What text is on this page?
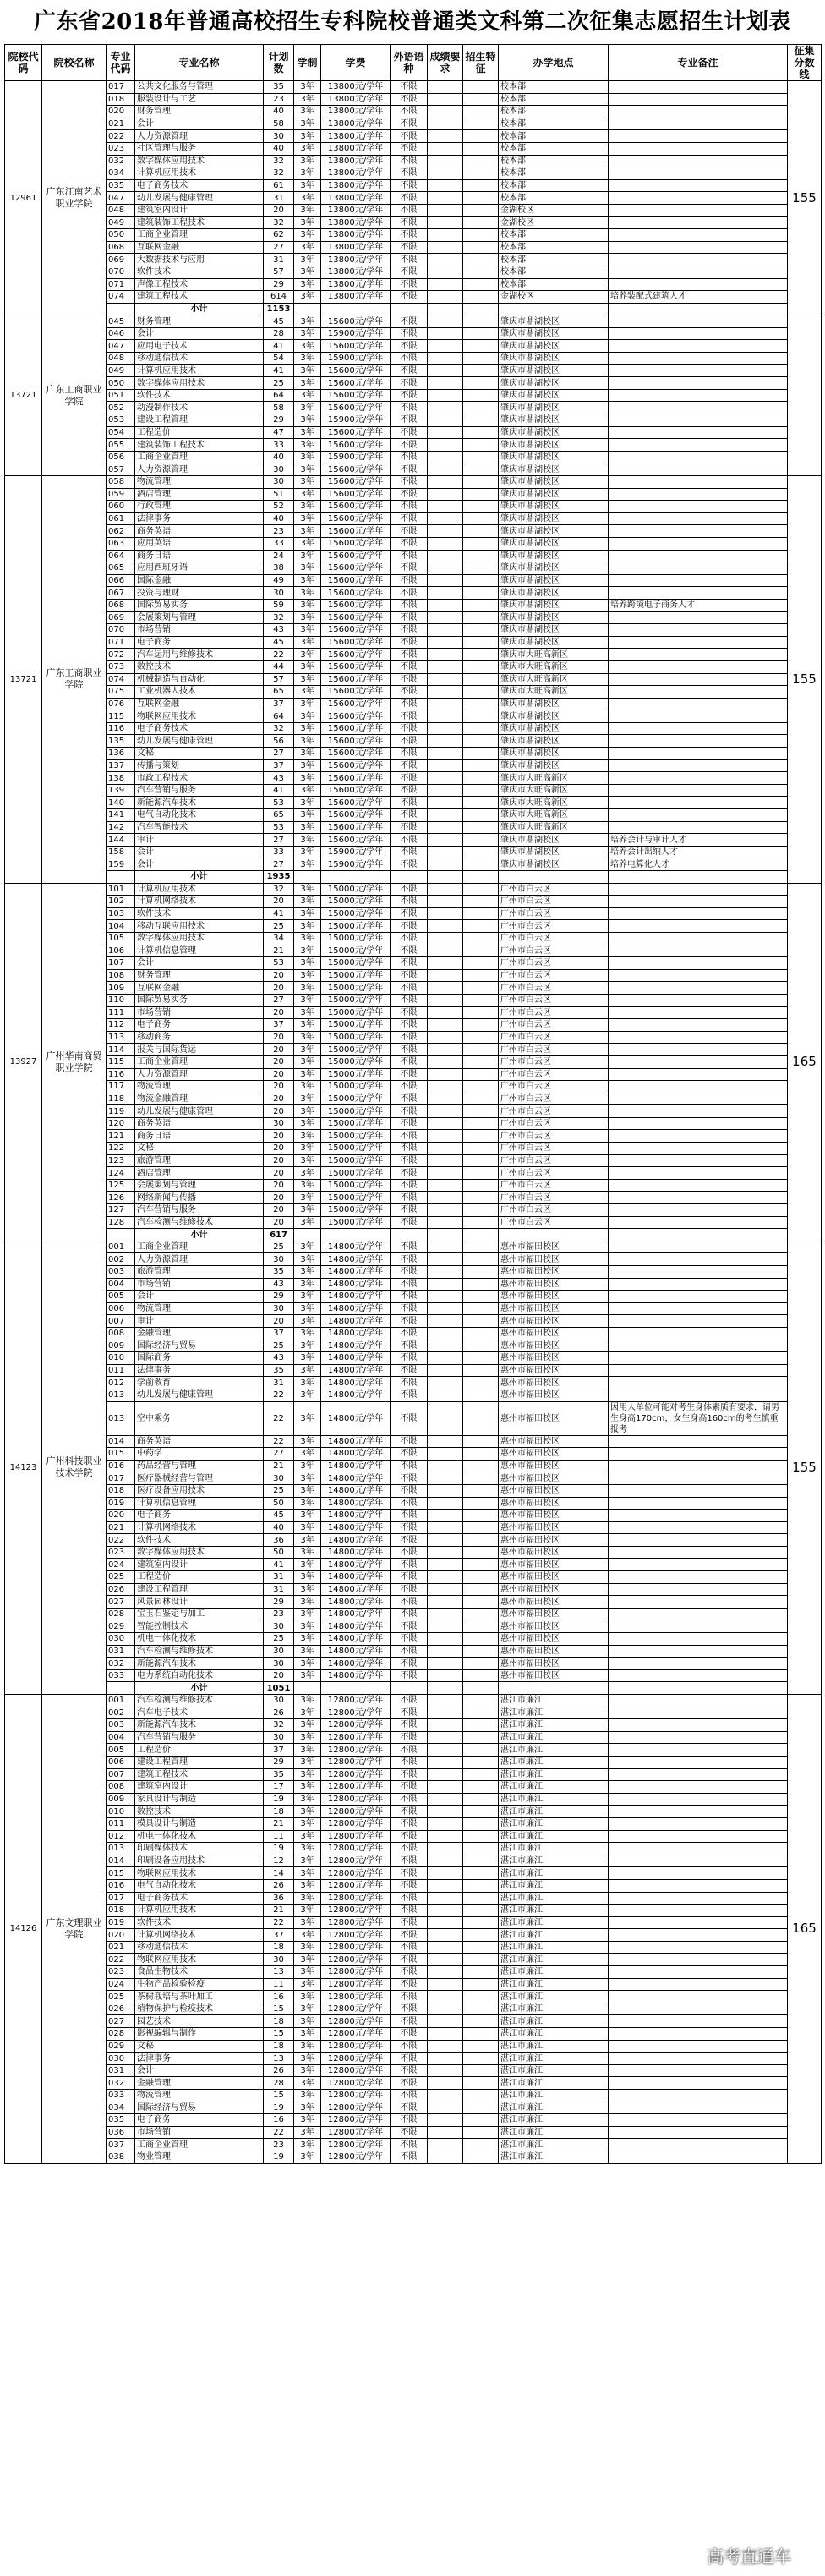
广东省2018年普通高校招生专科院校普通类文科第二次征集志愿招生计划表
院校代码	院校名称	专业代码	专业名称	计划数	学制	学费	外语语种	成绩要求	招生特征	办学地点	专业备注	征集分数线
12961	广东江南艺术职业学院	017	公共文化服务与管理	35	3年	13800元/学年	不限			校本部		155
		018	服装设计与工艺	23	3年	13800元/学年	不限			校本部		
		020	财务管理	40	3年	13800元/学年	不限			校本部		
		021	会计	58	3年	13800元/学年	不限			校本部		
		022	人力资源管理	30	3年	13800元/学年	不限			校本部		
		023	社区管理与服务	40	3年	13800元/学年	不限			校本部		
		032	数字媒体应用技术	32	3年	13800元/学年	不限			校本部		
		034	计算机应用技术	32	3年	13800元/学年	不限			校本部		
		035	电子商务技术	61	3年	13800元/学年	不限			校本部		
		047	幼儿发展与健康管理	31	3年	13800元/学年	不限			校本部		
		048	建筑室内设计	20	3年	13800元/学年	不限			金湖校区		
		049	建筑装饰工程技术	32	3年	13800元/学年	不限			金湖校区		
		050	工商企业管理	62	3年	13800元/学年	不限			校本部		
		068	互联网金融	27	3年	13800元/学年	不限			校本部		
		069	大数据技术与应用	31	3年	13800元/学年	不限			校本部		
		070	软件技术	57	3年	13800元/学年	不限			校本部		
		071	声像工程技术	29	3年	13800元/学年	不限			校本部		
		074	建筑工程技术	614	3年	13800元/学年	不限			金湖校区	培养装配式建筑人才	
			小计	1153								
13721	广东工商职业学院	045	财务管理	45	3年	15600元/学年	不限			肇庆市鼎湖校区		
		046	会计	28	3年	15900元/学年	不限			肇庆市鼎湖校区		
		047	应用电子技术	41	3年	15600元/学年	不限			肇庆市鼎湖校区		
		048	移动通信技术	54	3年	15900元/学年	不限			肇庆市鼎湖校区		
		049	计算机应用技术	41	3年	15600元/学年	不限			肇庆市鼎湖校区		
		050	数字媒体应用技术	25	3年	15600元/学年	不限			肇庆市鼎湖校区		
		051	软件技术	64	3年	15600元/学年	不限			肇庆市鼎湖校区		
		052	动漫制作技术	58	3年	15600元/学年	不限			肇庆市鼎湖校区		
		053	建设工程管理	29	3年	15900元/学年	不限			肇庆市鼎湖校区		
		054	工程造价	47	3年	15600元/学年	不限			肇庆市鼎湖校区		
		055	建筑装饰工程技术	33	3年	15600元/学年	不限			肇庆市鼎湖校区		
		056	工商企业管理	40	3年	15900元/学年	不限			肇庆市鼎湖校区		
		057	人力资源管理	30	3年	15600元/学年	不限			肇庆市鼎湖校区		
13721	广东工商职业学院	058	物流管理	30	3年	15600元/学年	不限			肇庆市鼎湖校区		155
		059	酒店管理	51	3年	15600元/学年	不限			肇庆市鼎湖校区		
		060	行政管理	52	3年	15600元/学年	不限			肇庆市鼎湖校区		
		061	法律事务	40	3年	15600元/学年	不限			肇庆市鼎湖校区		
		062	商务英语	23	3年	15600元/学年	不限			肇庆市鼎湖校区		
		063	应用英语	33	3年	15600元/学年	不限			肇庆市鼎湖校区		
		064	商务日语	24	3年	15600元/学年	不限			肇庆市鼎湖校区		
		065	应用西班牙语	38	3年	15600元/学年	不限			肇庆市鼎湖校区		
		066	国际金融	49	3年	15600元/学年	不限			肇庆市鼎湖校区		
		067	投资与理财	30	3年	15600元/学年	不限			肇庆市鼎湖校区		
		068	国际贸易实务	59	3年	15600元/学年	不限			肇庆市鼎湖校区	培养跨境电子商务人才	
		069	会展策划与管理	32	3年	15600元/学年	不限			肇庆市鼎湖校区		
		070	市场营销	43	3年	15600元/学年	不限			肇庆市鼎湖校区		
		071	电子商务	45	3年	15600元/学年	不限			肇庆市鼎湖校区		
		072	汽车运用与维修技术	22	3年	15600元/学年	不限			肇庆市大旺高新区		
		073	数控技术	44	3年	15600元/学年	不限			肇庆市大旺高新区		
		074	机械制造与自动化	57	3年	15600元/学年	不限			肇庆市大旺高新区		
		075	工业机器人技术	65	3年	15600元/学年	不限			肇庆市大旺高新区		
		076	互联网金融	37	3年	15600元/学年	不限			肇庆市鼎湖校区		
		115	物联网应用技术	64	3年	15600元/学年	不限			肇庆市鼎湖校区		
		116	电子商务技术	32	3年	15600元/学年	不限			肇庆市鼎湖校区		
		135	幼儿发展与健康管理	56	3年	15600元/学年	不限			肇庆市鼎湖校区		
		136	文秘	27	3年	15600元/学年	不限			肇庆市鼎湖校区		
		137	传播与策划	37	3年	15600元/学年	不限			肇庆市鼎湖校区		
		138	市政工程技术	43	3年	15600元/学年	不限			肇庆市大旺高新区		
		139	汽车营销与服务	41	3年	15600元/学年	不限			肇庆市大旺高新区		
		140	新能源汽车技术	53	3年	15600元/学年	不限			肇庆市大旺高新区		
		141	电气自动化技术	65	3年	15600元/学年	不限			肇庆市大旺高新区		
		142	汽车智能技术	53	3年	15600元/学年	不限			肇庆市大旺高新区		
		144	审计	27	3年	15600元/学年	不限			肇庆市鼎湖校区	培养会计与审计人才	
		158	会计	33	3年	15900元/学年	不限			肇庆市鼎湖校区	培养会计出纳人才	
		159	会计	27	3年	15900元/学年	不限			肇庆市鼎湖校区	培养电算化人才	
			小计	1935								
13927	广州华南商贸职业学院	101	计算机应用技术	32	3年	15000元/学年	不限			广州市白云区		165
		102	计算机网络技术	20	3年	15000元/学年	不限			广州市白云区		
		103	软件技术	41	3年	15000元/学年	不限			广州市白云区		
		104	移动互联应用技术	25	3年	15000元/学年	不限			广州市白云区		
		105	数字媒体应用技术	34	3年	15000元/学年	不限			广州市白云区		
		106	计算机信息管理	21	3年	15000元/学年	不限			广州市白云区		
		107	会计	53	3年	15000元/学年	不限			广州市白云区		
		108	财务管理	20	3年	15000元/学年	不限			广州市白云区		
		109	互联网金融	20	3年	15000元/学年	不限			广州市白云区		
		110	国际贸易实务	27	3年	15000元/学年	不限			广州市白云区		
		111	市场营销	20	3年	15000元/学年	不限			广州市白云区		
		112	电子商务	37	3年	15000元/学年	不限			广州市白云区		
		113	移动商务	20	3年	15000元/学年	不限			广州市白云区		
		114	报关与国际货运	20	3年	15000元/学年	不限			广州市白云区		
		115	工商企业管理	20	3年	15000元/学年	不限			广州市白云区		
		116	人力资源管理	20	3年	15000元/学年	不限			广州市白云区		
		117	物流管理	20	3年	15000元/学年	不限			广州市白云区		
		118	物流金融管理	20	3年	15000元/学年	不限			广州市白云区		
		119	幼儿发展与健康管理	20	3年	15000元/学年	不限			广州市白云区		
		120	商务英语	30	3年	15000元/学年	不限			广州市白云区		
		121	商务日语	20	3年	15000元/学年	不限			广州市白云区		
		122	文秘	20	3年	15000元/学年	不限			广州市白云区		
		123	旅游管理	20	3年	15000元/学年	不限			广州市白云区		
		124	酒店管理	20	3年	15000元/学年	不限			广州市白云区		
		125	会展策划与管理	20	3年	15000元/学年	不限			广州市白云区		
		126	网络新闻与传播	20	3年	15000元/学年	不限			广州市白云区		
		127	汽车营销与服务	20	3年	15000元/学年	不限			广州市白云区		
		128	汽车检测与维修技术	20	3年	15000元/学年	不限			广州市白云区		
			小计	617								
14123	广州科技职业技术学院	001	工商企业管理	25	3年	14800元/学年	不限			惠州市福田校区		155
		002	人力资源管理	30	3年	14800元/学年	不限			惠州市福田校区		
		003	旅游管理	35	3年	14800元/学年	不限			惠州市福田校区		
		004	市场营销	43	3年	14800元/学年	不限			惠州市福田校区		
		005	会计	29	3年	14800元/学年	不限			惠州市福田校区		
		006	物流管理	30	3年	14800元/学年	不限			惠州市福田校区		
		007	审计	20	3年	14800元/学年	不限			惠州市福田校区		
		008	金融管理	37	3年	14800元/学年	不限			惠州市福田校区		
		009	国际经济与贸易	25	3年	14800元/学年	不限			惠州市福田校区		
		010	国际商务	43	3年	14800元/学年	不限			惠州市福田校区		
		011	法律事务	35	3年	14800元/学年	不限			惠州市福田校区		
		012	学前教育	31	3年	14800元/学年	不限			惠州市福田校区		
		013	幼儿发展与健康管理	22	3年	14800元/学年	不限			惠州市福田校区		
		013	空中乘务	22	3年	14800元/学年	不限			惠州市福田校区	因用人单位可能对考生身体素质有要求，请男生身高170cm，女生身高160cm的考生慎重报考	
		014	商务英语	22	3年	14800元/学年	不限			惠州市福田校区		
		015	中药学	27	3年	14800元/学年	不限			惠州市福田校区		
		016	药品经营与管理	21	3年	14800元/学年	不限			惠州市福田校区		
		017	医疗器械经营与管理	30	3年	14800元/学年	不限			惠州市福田校区		
		018	医疗设备应用技术	25	3年	14800元/学年	不限			惠州市福田校区		
		019	计算机信息管理	50	3年	14800元/学年	不限			惠州市福田校区		
		020	电子商务	45	3年	14800元/学年	不限			惠州市福田校区		
		021	计算机网络技术	40	3年	14800元/学年	不限			惠州市福田校区		
		022	软件技术	36	3年	14800元/学年	不限			惠州市福田校区		
		023	数字媒体应用技术	50	3年	14800元/学年	不限			惠州市福田校区		
		024	建筑室内设计	41	3年	14800元/学年	不限			惠州市福田校区		
		025	工程造价	31	3年	14800元/学年	不限			惠州市福田校区		
		026	建设工程管理	31	3年	14800元/学年	不限			惠州市福田校区		
		027	风景园林设计	29	3年	14800元/学年	不限			惠州市福田校区		
		028	宝玉石鉴定与加工	23	3年	14800元/学年	不限			惠州市福田校区		
		029	智能控制技术	30	3年	14800元/学年	不限			惠州市福田校区		
		030	机电一体化技术	25	3年	14800元/学年	不限			惠州市福田校区		
		031	汽车检测与维修技术	30	3年	14800元/学年	不限			惠州市福田校区		
		032	新能源汽车技术	30	3年	14800元/学年	不限			惠州市福田校区		
		033	电力系统自动化技术	20	3年	14800元/学年	不限			惠州市福田校区		
			小计	1051								
14126	广东文理职业学院	001	汽车检测与维修技术	30	3年	12800元/学年	不限			湛江市廉江		165
		002	汽车电子技术	26	3年	12800元/学年	不限			湛江市廉江		
		003	新能源汽车技术	32	3年	12800元/学年	不限			湛江市廉江		
		004	汽车营销与服务	30	3年	12800元/学年	不限			湛江市廉江		
		005	工程造价	37	3年	12800元/学年	不限			湛江市廉江		
		006	建设工程管理	29	3年	12800元/学年	不限			湛江市廉江		
		007	建筑工程技术	35	3年	12800元/学年	不限			湛江市廉江		
		008	建筑室内设计	17	3年	12800元/学年	不限			湛江市廉江		
		009	家具设计与制造	19	3年	12800元/学年	不限			湛江市廉江		
		010	数控技术	18	3年	12800元/学年	不限			湛江市廉江		
		011	模具设计与制造	21	3年	12800元/学年	不限			湛江市廉江		
		012	机电一体化技术	11	3年	12800元/学年	不限			湛江市廉江		
		013	印刷媒体技术	19	3年	12800元/学年	不限			湛江市廉江		
		014	印刷设备应用技术	12	3年	12800元/学年	不限			湛江市廉江		
		015	物联网应用技术	14	3年	12800元/学年	不限			湛江市廉江		
		016	电气自动化技术	26	3年	12800元/学年	不限			湛江市廉江		
		017	电子商务技术	36	3年	12800元/学年	不限			湛江市廉江		
		018	计算机应用技术	21	3年	12800元/学年	不限			湛江市廉江		
		019	软件技术	22	3年	12800元/学年	不限			湛江市廉江		
		020	计算机网络技术	37	3年	12800元/学年	不限			湛江市廉江		
		021	移动通信技术	18	3年	12800元/学年	不限			湛江市廉江		
		022	物联网应用技术	30	3年	12800元/学年	不限			湛江市廉江		
		023	食品生物技术	13	3年	12800元/学年	不限			湛江市廉江		
		024	生物产品检验检疫	11	3年	12800元/学年	不限			湛江市廉江		
		025	茶树栽培与茶叶加工	16	3年	12800元/学年	不限			湛江市廉江		
		026	植物保护与检疫技术	15	3年	12800元/学年	不限			湛江市廉江		
		027	园艺技术	18	3年	12800元/学年	不限			湛江市廉江		
		028	影视编辑与制作	15	3年	12800元/学年	不限			湛江市廉江		
		029	文秘	18	3年	12800元/学年	不限			湛江市廉江		
		030	法律事务	13	3年	12800元/学年	不限			湛江市廉江		
		031	会计	26	3年	12800元/学年	不限			湛江市廉江		
		032	金融管理	28	3年	12800元/学年	不限			湛江市廉江		
		033	物流管理	15	3年	12800元/学年	不限			湛江市廉江		
		034	国际经济与贸易	19	3年	12800元/学年	不限			湛江市廉江		
		035	电子商务	16	3年	12800元/学年	不限			湛江市廉江		
		036	市场营销	22	3年	12800元/学年	不限			湛江市廉江		
		037	工商企业管理	23	3年	12800元/学年	不限			湛江市廉江		
		038	物业管理	19	3年	12800元/学年	不限			湛江市廉江		
高考直通车
